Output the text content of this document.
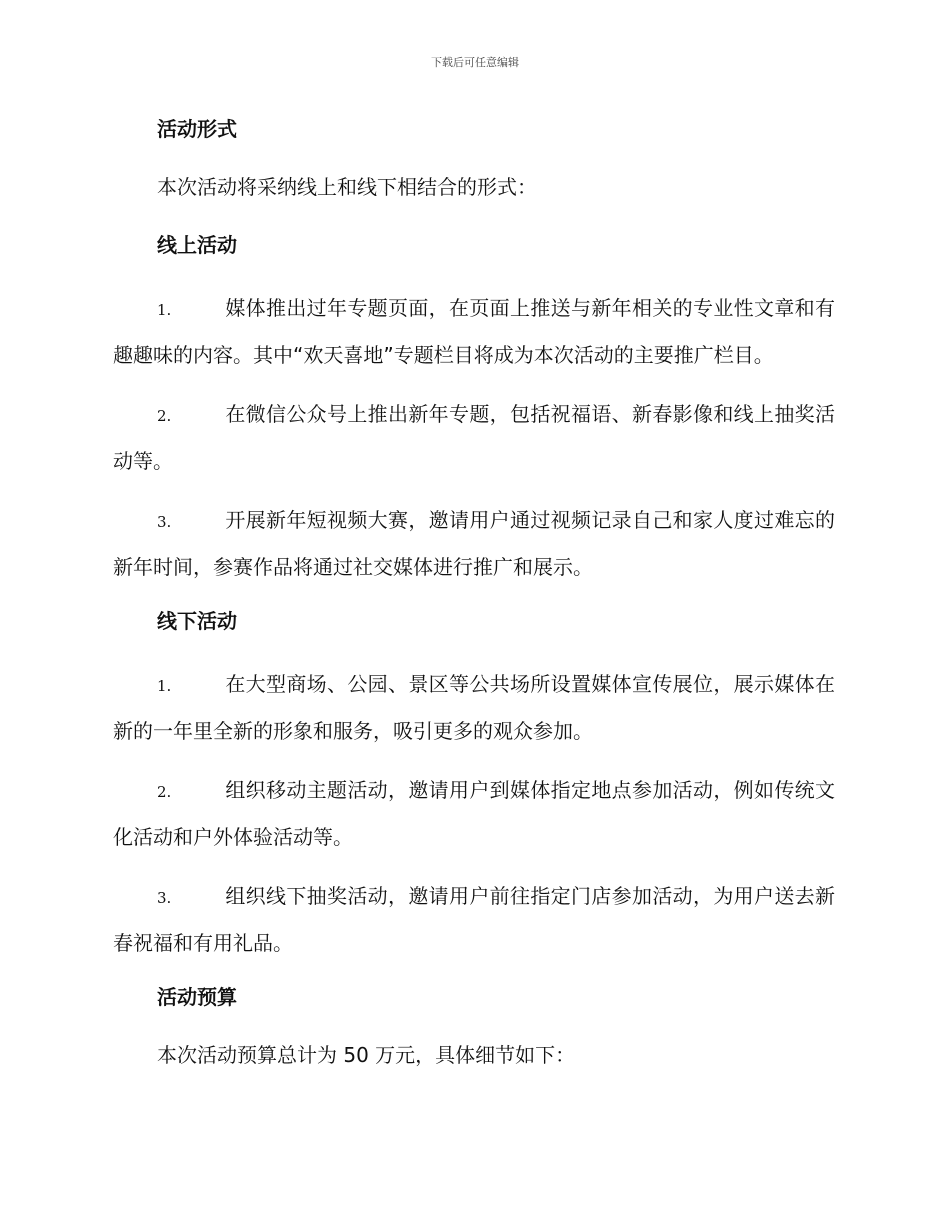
下载后可任意编辑
活动形式
本次活动将采纳线上和线下相结合的形式：
线上活动
1.	媒体推出过年专题页面，在页面上推送与新年相关的专业性文章和有趣趣味的内容。其中“欢天喜地”专题栏目将成为本次活动的主要推广栏目。
2.	在微信公众号上推出新年专题，包括祝福语、新春影像和线上抽奖活动等。
3.	开展新年短视频大赛，邀请用户通过视频记录自己和家人度过难忘的新年时间，参赛作品将通过社交媒体进行推广和展示。
线下活动
1.	在大型商场、公园、景区等公共场所设置媒体宣传展位，展示媒体在新的一年里全新的形象和服务，吸引更多的观众参加。
2.	组织移动主题活动，邀请用户到媒体指定地点参加活动，例如传统文化活动和户外体验活动等。
3.	组织线下抽奖活动，邀请用户前往指定门店参加活动，为用户送去新春祝福和有用礼品。
活动预算
本次活动预算总计为 50 万元，具体细节如下：
